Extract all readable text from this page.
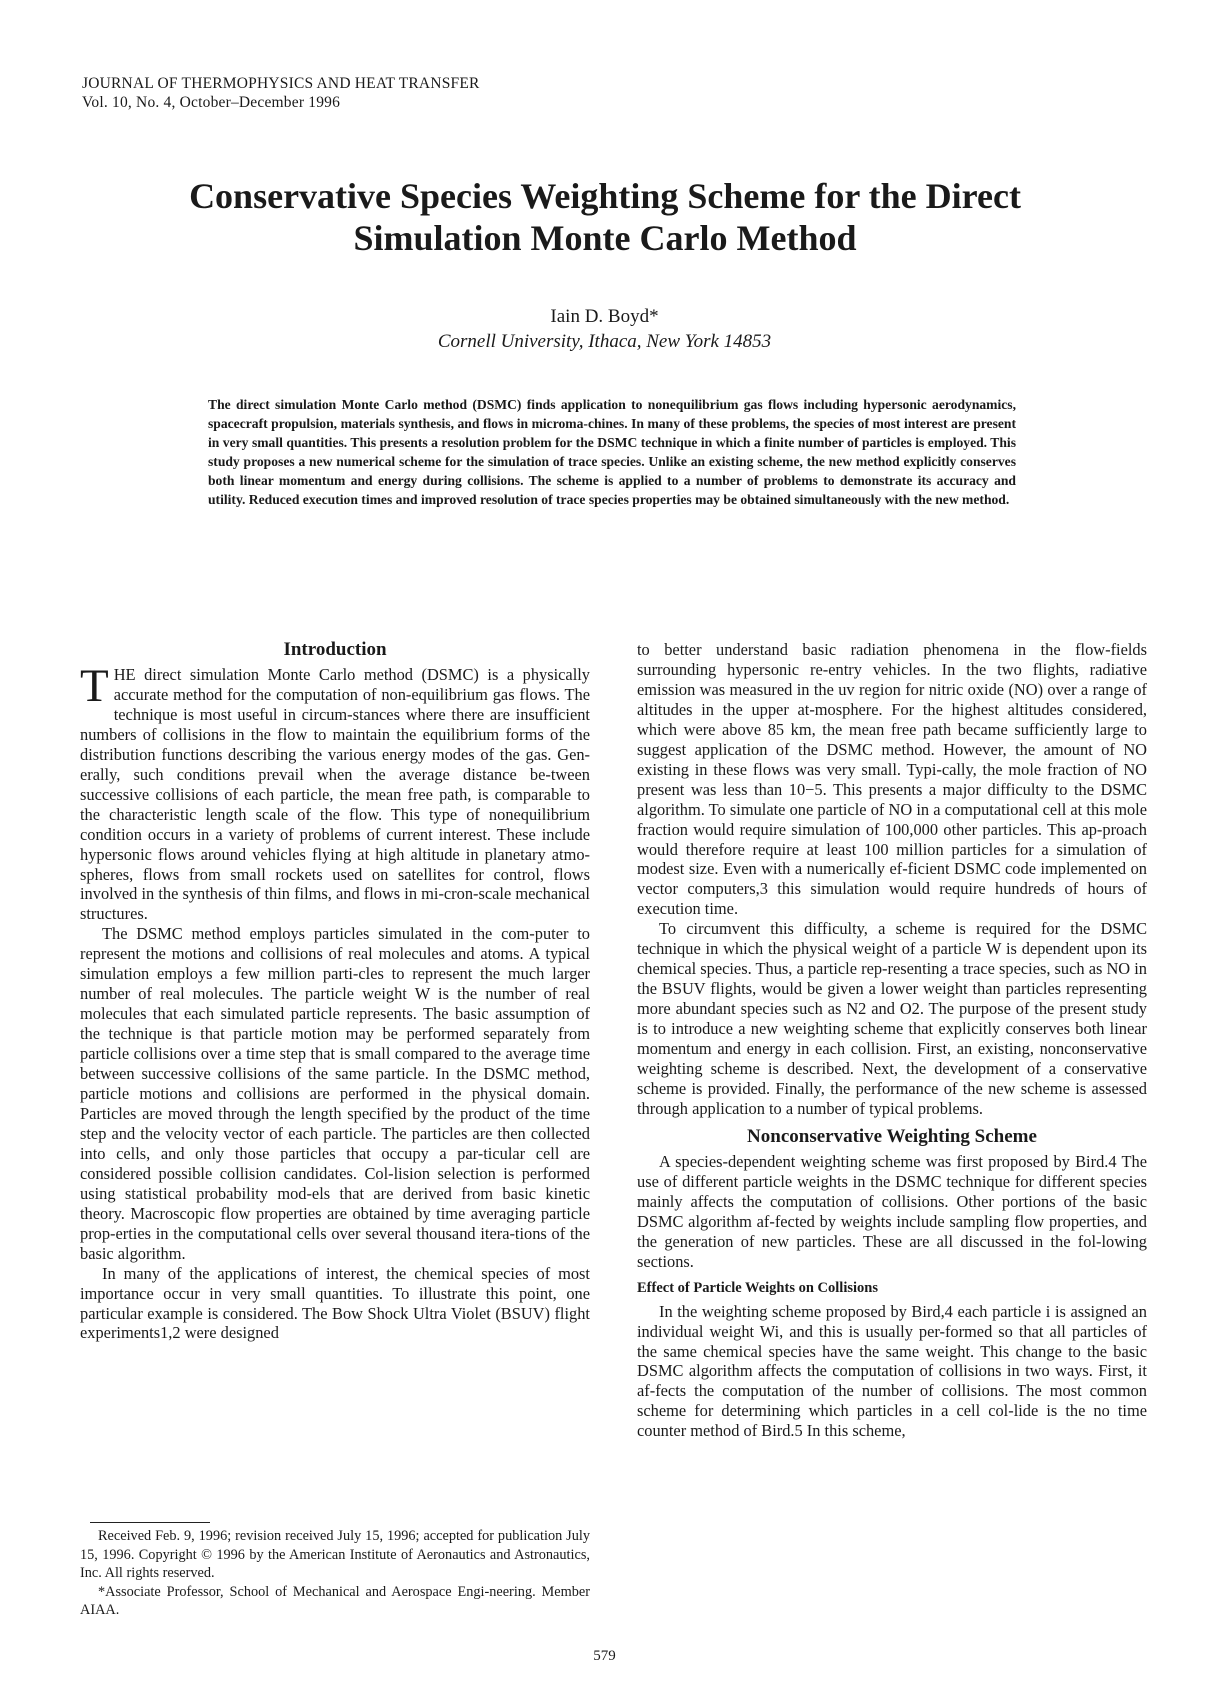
JOURNAL OF THERMOPHYSICS AND HEAT TRANSFER
Vol. 10, No. 4, October–December 1996
Conservative Species Weighting Scheme for the Direct
Simulation Monte Carlo Method
Iain D. Boyd*
Cornell University, Ithaca, New York 14853
The direct simulation Monte Carlo method (DSMC) finds application to nonequilibrium gas flows including hypersonic aerodynamics, spacecraft propulsion, materials synthesis, and flows in microma-chines. In many of these problems, the species of most interest are present in very small quantities. This presents a resolution problem for the DSMC technique in which a finite number of particles is employed. This study proposes a new numerical scheme for the simulation of trace species. Unlike an existing scheme, the new method explicitly conserves both linear momentum and energy during collisions. The scheme is applied to a number of problems to demonstrate its accuracy and utility. Reduced execution times and improved resolution of trace species properties may be obtained simultaneously with the new method.
Introduction

THE direct simulation Monte Carlo method (DSMC) is a physically accurate method for the computation of non-equilibrium gas flows. The technique is most useful in circum-stances where there are insufficient numbers of collisions in the flow to maintain the equilibrium forms of the distribution functions describing the various energy modes of the gas. Gen-erally, such conditions prevail when the average distance be-tween successive collisions of each particle, the mean free path, is comparable to the characteristic length scale of the flow. This type of nonequilibrium condition occurs in a variety of problems of current interest. These include hypersonic flows around vehicles flying at high altitude in planetary atmo-spheres, flows from small rockets used on satellites for control, flows involved in the synthesis of thin films, and flows in mi-cron-scale mechanical structures.

The DSMC method employs particles simulated in the com-puter to represent the motions and collisions of real molecules and atoms. A typical simulation employs a few million parti-cles to represent the much larger number of real molecules. The particle weight W is the number of real molecules that each simulated particle represents. The basic assumption of the technique is that particle motion may be performed separately from particle collisions over a time step that is small compared to the average time between successive collisions of the same particle. In the DSMC method, particle motions and collisions are performed in the physical domain. Particles are moved through the length specified by the product of the time step and the velocity vector of each particle. The particles are then collected into cells, and only those particles that occupy a par-ticular cell are considered possible collision candidates. Col-lision selection is performed using statistical probability mod-els that are derived from basic kinetic theory. Macroscopic flow properties are obtained by time averaging particle prop-erties in the computational cells over several thousand itera-tions of the basic algorithm.

In many of the applications of interest, the chemical species of most importance occur in very small quantities. To illustrate this point, one particular example is considered. The Bow Shock Ultra Violet (BSUV) flight experiments1,2 were designed

to better understand basic radiation phenomena in the flow-fields surrounding hypersonic re-entry vehicles. In the two flights, radiative emission was measured in the uv region for nitric oxide (NO) over a range of altitudes in the upper at-mosphere. For the highest altitudes considered, which were above 85 km, the mean free path became sufficiently large to suggest application of the DSMC method. However, the amount of NO existing in these flows was very small. Typi-cally, the mole fraction of NO present was less than 10−5. This presents a major difficulty to the DSMC algorithm. To simulate one particle of NO in a computational cell at this mole fraction would require simulation of 100,000 other particles. This ap-proach would therefore require at least 100 million particles for a simulation of modest size. Even with a numerically ef-ficient DSMC code implemented on vector computers,3 this simulation would require hundreds of hours of execution time.

To circumvent this difficulty, a scheme is required for the DSMC technique in which the physical weight of a particle W is dependent upon its chemical species. Thus, a particle rep-resenting a trace species, such as NO in the BSUV flights, would be given a lower weight than particles representing more abundant species such as N2 and O2. The purpose of the present study is to introduce a new weighting scheme that explicitly conserves both linear momentum and energy in each collision. First, an existing, nonconservative weighting scheme is described. Next, the development of a conservative scheme is provided. Finally, the performance of the new scheme is assessed through application to a number of typical problems.

Nonconservative Weighting Scheme

A species-dependent weighting scheme was first proposed by Bird.4 The use of different particle weights in the DSMC technique for different species mainly affects the computation of collisions. Other portions of the basic DSMC algorithm af-fected by weights include sampling flow properties, and the generation of new particles. These are all discussed in the fol-lowing sections.

Effect of Particle Weights on Collisions

In the weighting scheme proposed by Bird,4 each particle i is assigned an individual weight Wi, and this is usually per-formed so that all particles of the same chemical species have the same weight. This change to the basic DSMC algorithm affects the computation of collisions in two ways. First, it af-fects the computation of the number of collisions. The most common scheme for determining which particles in a cell col-lide is the no time counter method of Bird.5 In this scheme,

Received Feb. 9, 1996; revision received July 15, 1996; accepted for publication July 15, 1996. Copyright © 1996 by the American Institute of Aeronautics and Astronautics, Inc. All rights reserved.

*Associate Professor, School of Mechanical and Aerospace Engi-neering. Member AIAA.

579
